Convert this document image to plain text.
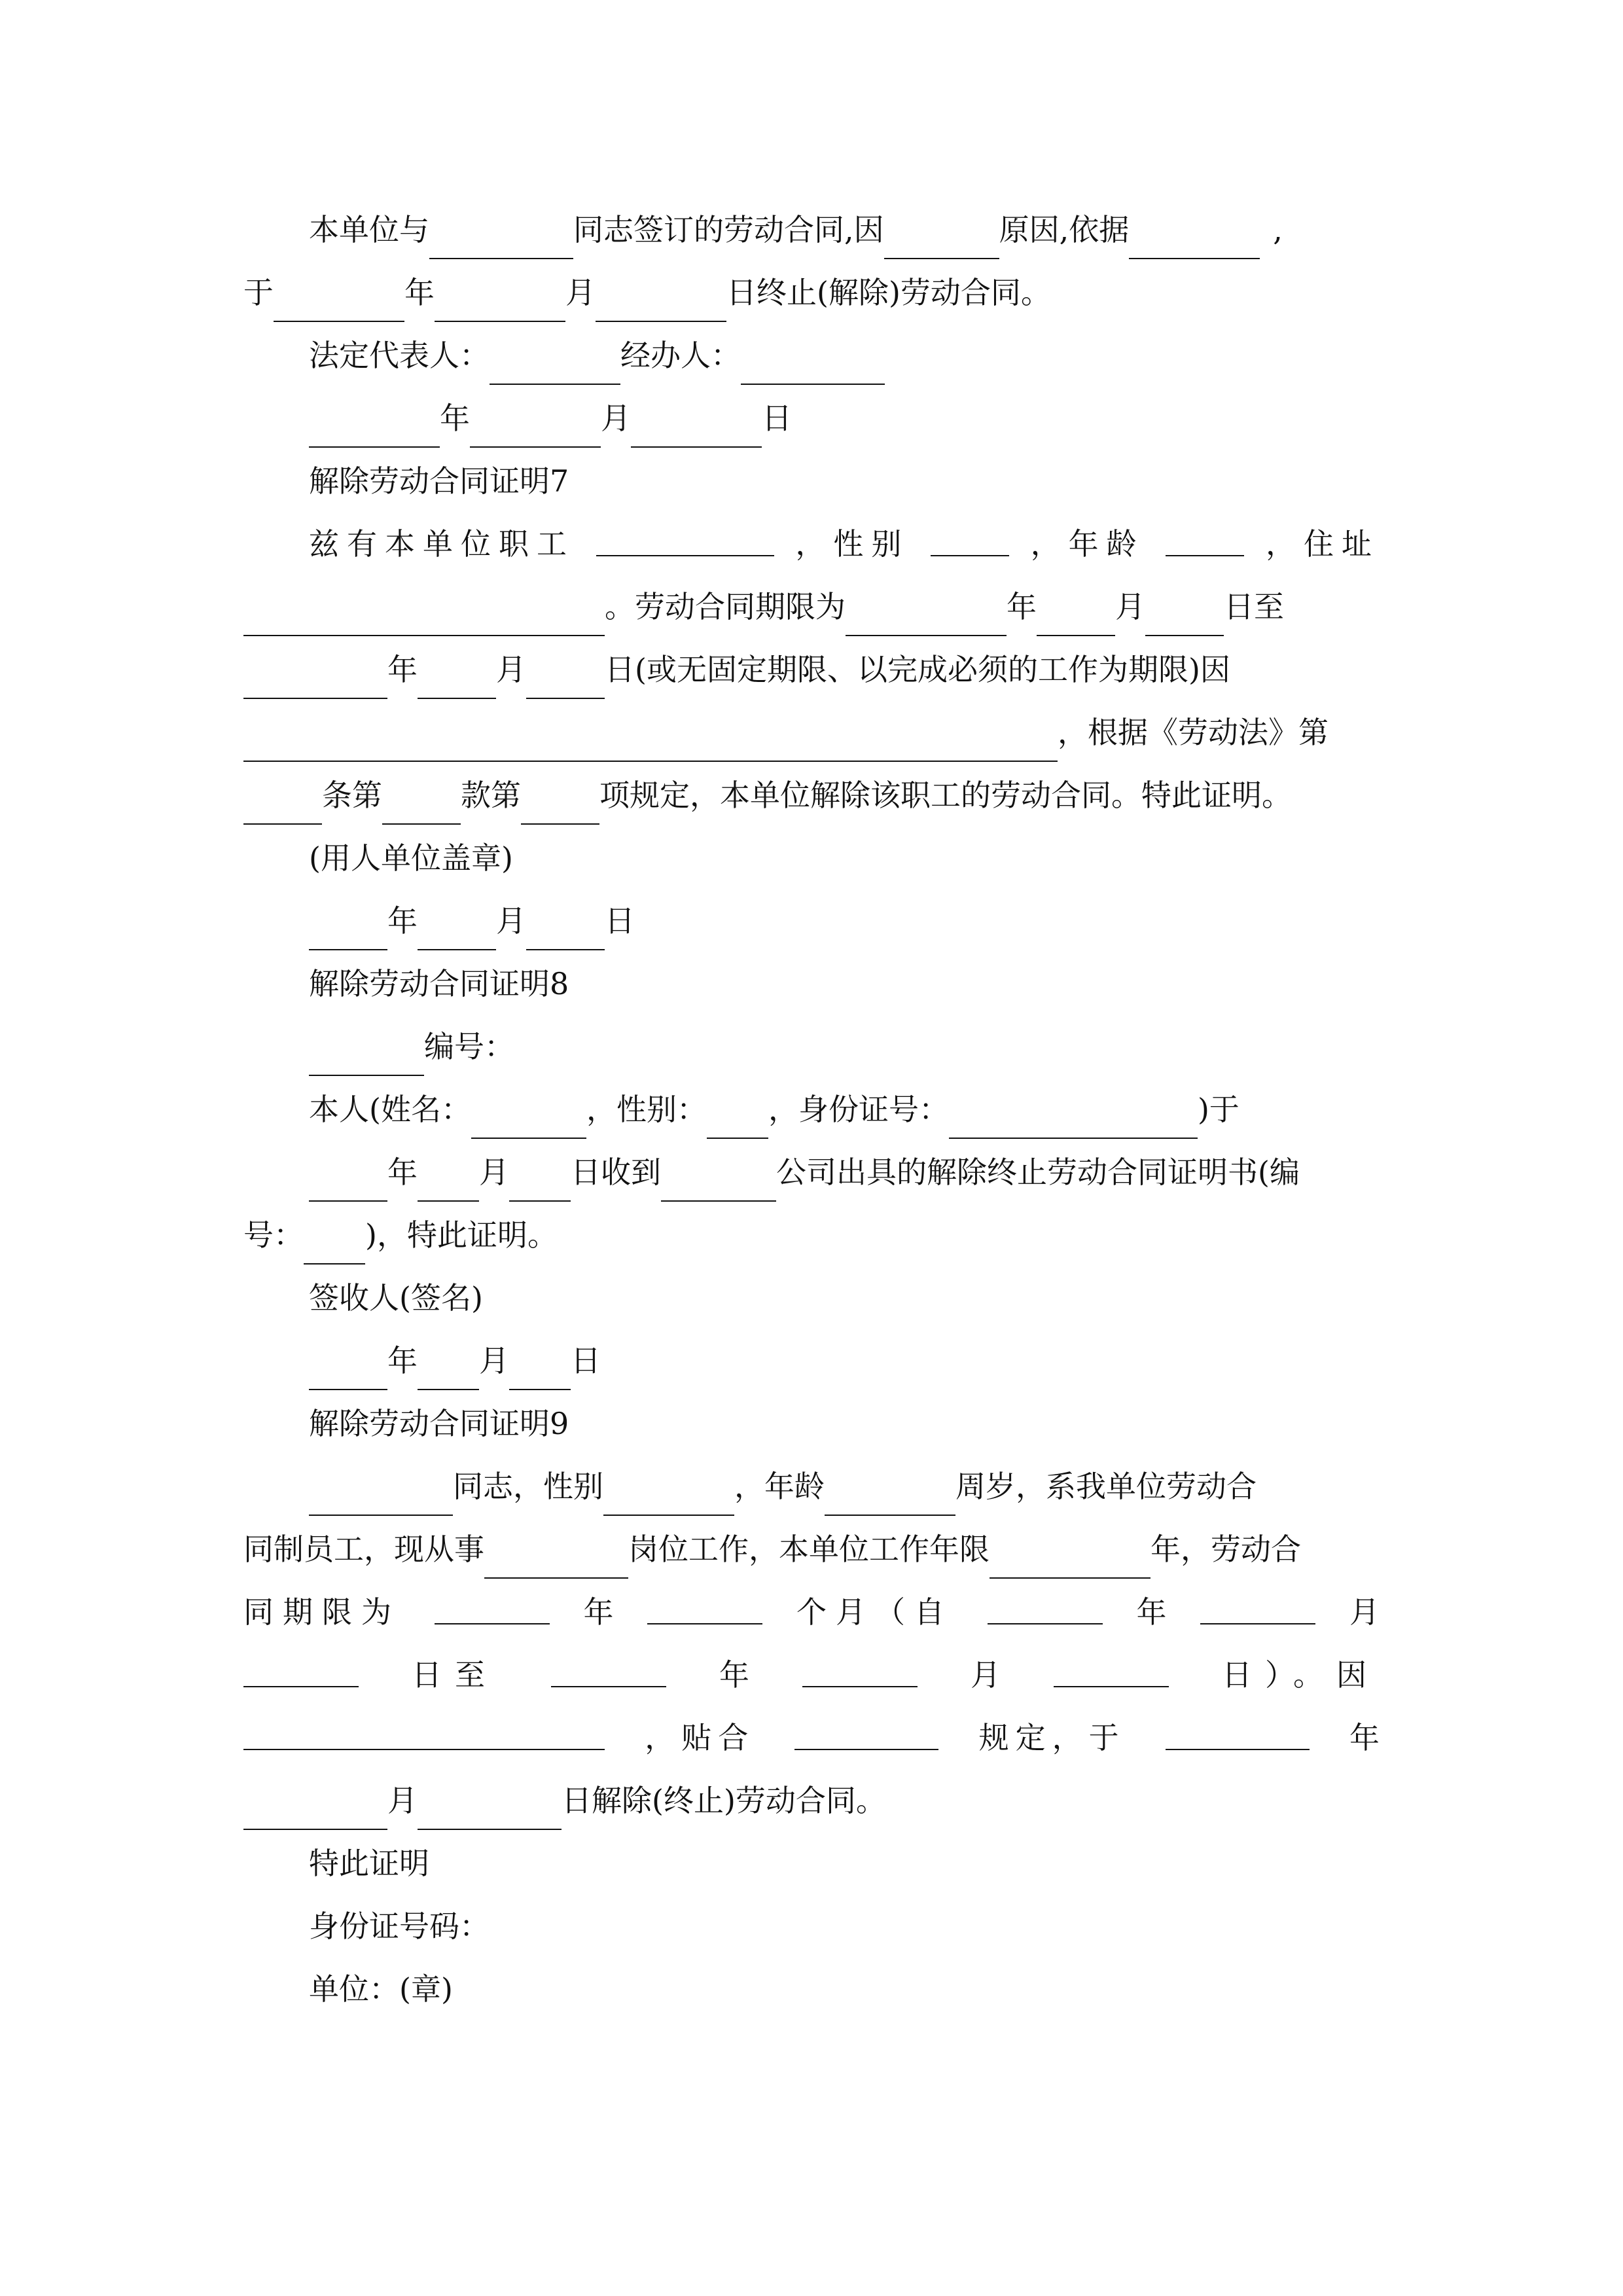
本单位与	同志签订的劳动合同,因	原因,依据	,
于	年	月	日终止(解除)劳动合同。
法定代表人：	经办人：
年	月	日
解除劳动合同证明7
兹有本单位职工	，性别	，年龄	，住址
。劳动合同期限为	年	月	日至
年	月	日(或无固定期限、以完成必须的工作为期限)因
，根据《劳动法》第
条第	款第	项规定，本单位解除该职工的劳动合同。特此证明。
(用人单位盖章)
年	月	日
解除劳动合同证明8
编号：
本人(姓名：	，性别： ，身份证号：	)于
年 月 日收到	公司出具的解除终止劳动合同证明书(编
号： )，特此证明。
签收人(签名)
年 月 日
解除劳动合同证明9
同志，性别	，年龄	周岁，系我单位劳动合
同制员工，现从事	岗位工作，本单位工作年限	年，劳动合
同期限为	年	个月（自	年	月
日至	年	月	日）。因
，贴合	规定，于	年
月	日解除(终止)劳动合同。
特此证明
身份证号码：
单位：(章)
